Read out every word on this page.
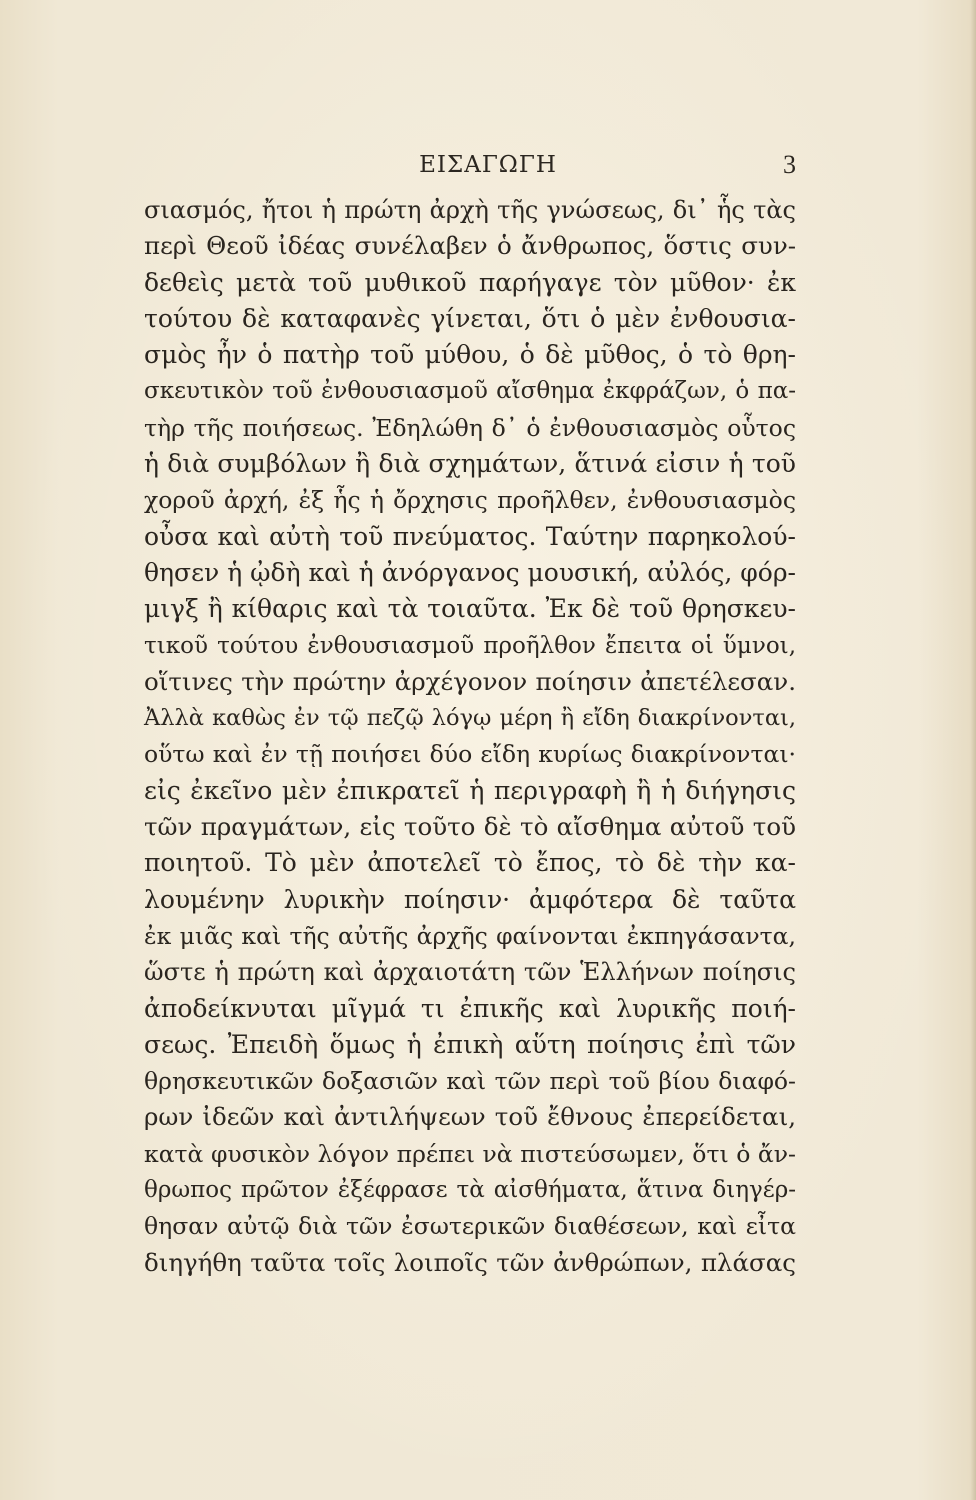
ΕΙΣΑΓΩΓΗ	3
σιασμός, ἤτοι ἡ πρώτη ἀρχὴ τῆς γνώσεως, δι᾽ ἧς τὰς
περὶ Θεοῦ ἰδέας συνέλαβεν ὁ ἄνθρωπος, ὅστις συν-
δεθεὶς μετὰ τοῦ μυθικοῦ παρήγαγε τὸν μῦθον· ἐκ
τούτου δὲ καταφανὲς γίνεται, ὅτι ὁ μὲν ἐνθουσια-
σμὸς ἦν ὁ πατὴρ τοῦ μύθου, ὁ δὲ μῦθος, ὁ τὸ θρη-
σκευτικὸν τοῦ ἐνθουσιασμοῦ αἴσθημα ἐκφράζων, ὁ πα-
τὴρ τῆς ποιήσεως. Ἐδηλώθη δ᾽ ὁ ἐνθουσιασμὸς οὗτος
ἡ διὰ συμβόλων ἢ διὰ σχημάτων, ἅτινά εἰσιν ἡ τοῦ
χοροῦ ἀρχή, ἐξ ἧς ἡ ὄρχησις προῆλθεν, ἐνθουσιασμὸς
οὖσα καὶ αὐτὴ τοῦ πνεύματος. Ταύτην παρηκολού-
θησεν ἡ ᾠδὴ καὶ ἡ ἀνόργανος μουσική, αὐλός, φόρ-
μιγξ ἢ κίθαρις καὶ τὰ τοιαῦτα. Ἐκ δὲ τοῦ θρησκευ-
τικοῦ τούτου ἐνθουσιασμοῦ προῆλθον ἔπειτα οἱ ὕμνοι,
οἵτινες τὴν πρώτην ἀρχέγονον ποίησιν ἀπετέλεσαν.
Ἀλλὰ καθὼς ἐν τῷ πεζῷ λόγῳ μέρη ἢ εἴδη διακρίνονται,
οὕτω καὶ ἐν τῇ ποιήσει δύο εἴδη κυρίως διακρίνονται·
εἰς ἐκεῖνο μὲν ἐπικρατεῖ ἡ περιγραφὴ ἢ ἡ διήγησις
τῶν πραγμάτων, εἰς τοῦτο δὲ τὸ αἴσθημα αὐτοῦ τοῦ
ποιητοῦ. Τὸ μὲν ἀποτελεῖ τὸ ἔπος, τὸ δὲ τὴν κα-
λουμένην λυρικὴν ποίησιν· ἀμφότερα δὲ ταῦτα
ἐκ μιᾶς καὶ τῆς αὐτῆς ἀρχῆς φαίνονται ἐκπηγάσαντα,
ὥστε ἡ πρώτη καὶ ἀρχαιοτάτη τῶν Ἑλλήνων ποίησις
ἀποδείκνυται μῖγμά τι ἐπικῆς καὶ λυρικῆς ποιή-
σεως. Ἐπειδὴ ὅμως ἡ ἐπικὴ αὕτη ποίησις ἐπὶ τῶν
θρησκευτικῶν δοξασιῶν καὶ τῶν περὶ τοῦ βίου διαφό-
ρων ἰδεῶν καὶ ἀντιλήψεων τοῦ ἔθνους ἐπερείδεται,
κατὰ φυσικὸν λόγον πρέπει νὰ πιστεύσωμεν, ὅτι ὁ ἄν-
θρωπος πρῶτον ἐξέφρασε τὰ αἰσθήματα, ἅτινα διηγέρ-
θησαν αὐτῷ διὰ τῶν ἐσωτερικῶν διαθέσεων, καὶ εἶτα
διηγήθη ταῦτα τοῖς λοιποῖς τῶν ἀνθρώπων, πλάσας
